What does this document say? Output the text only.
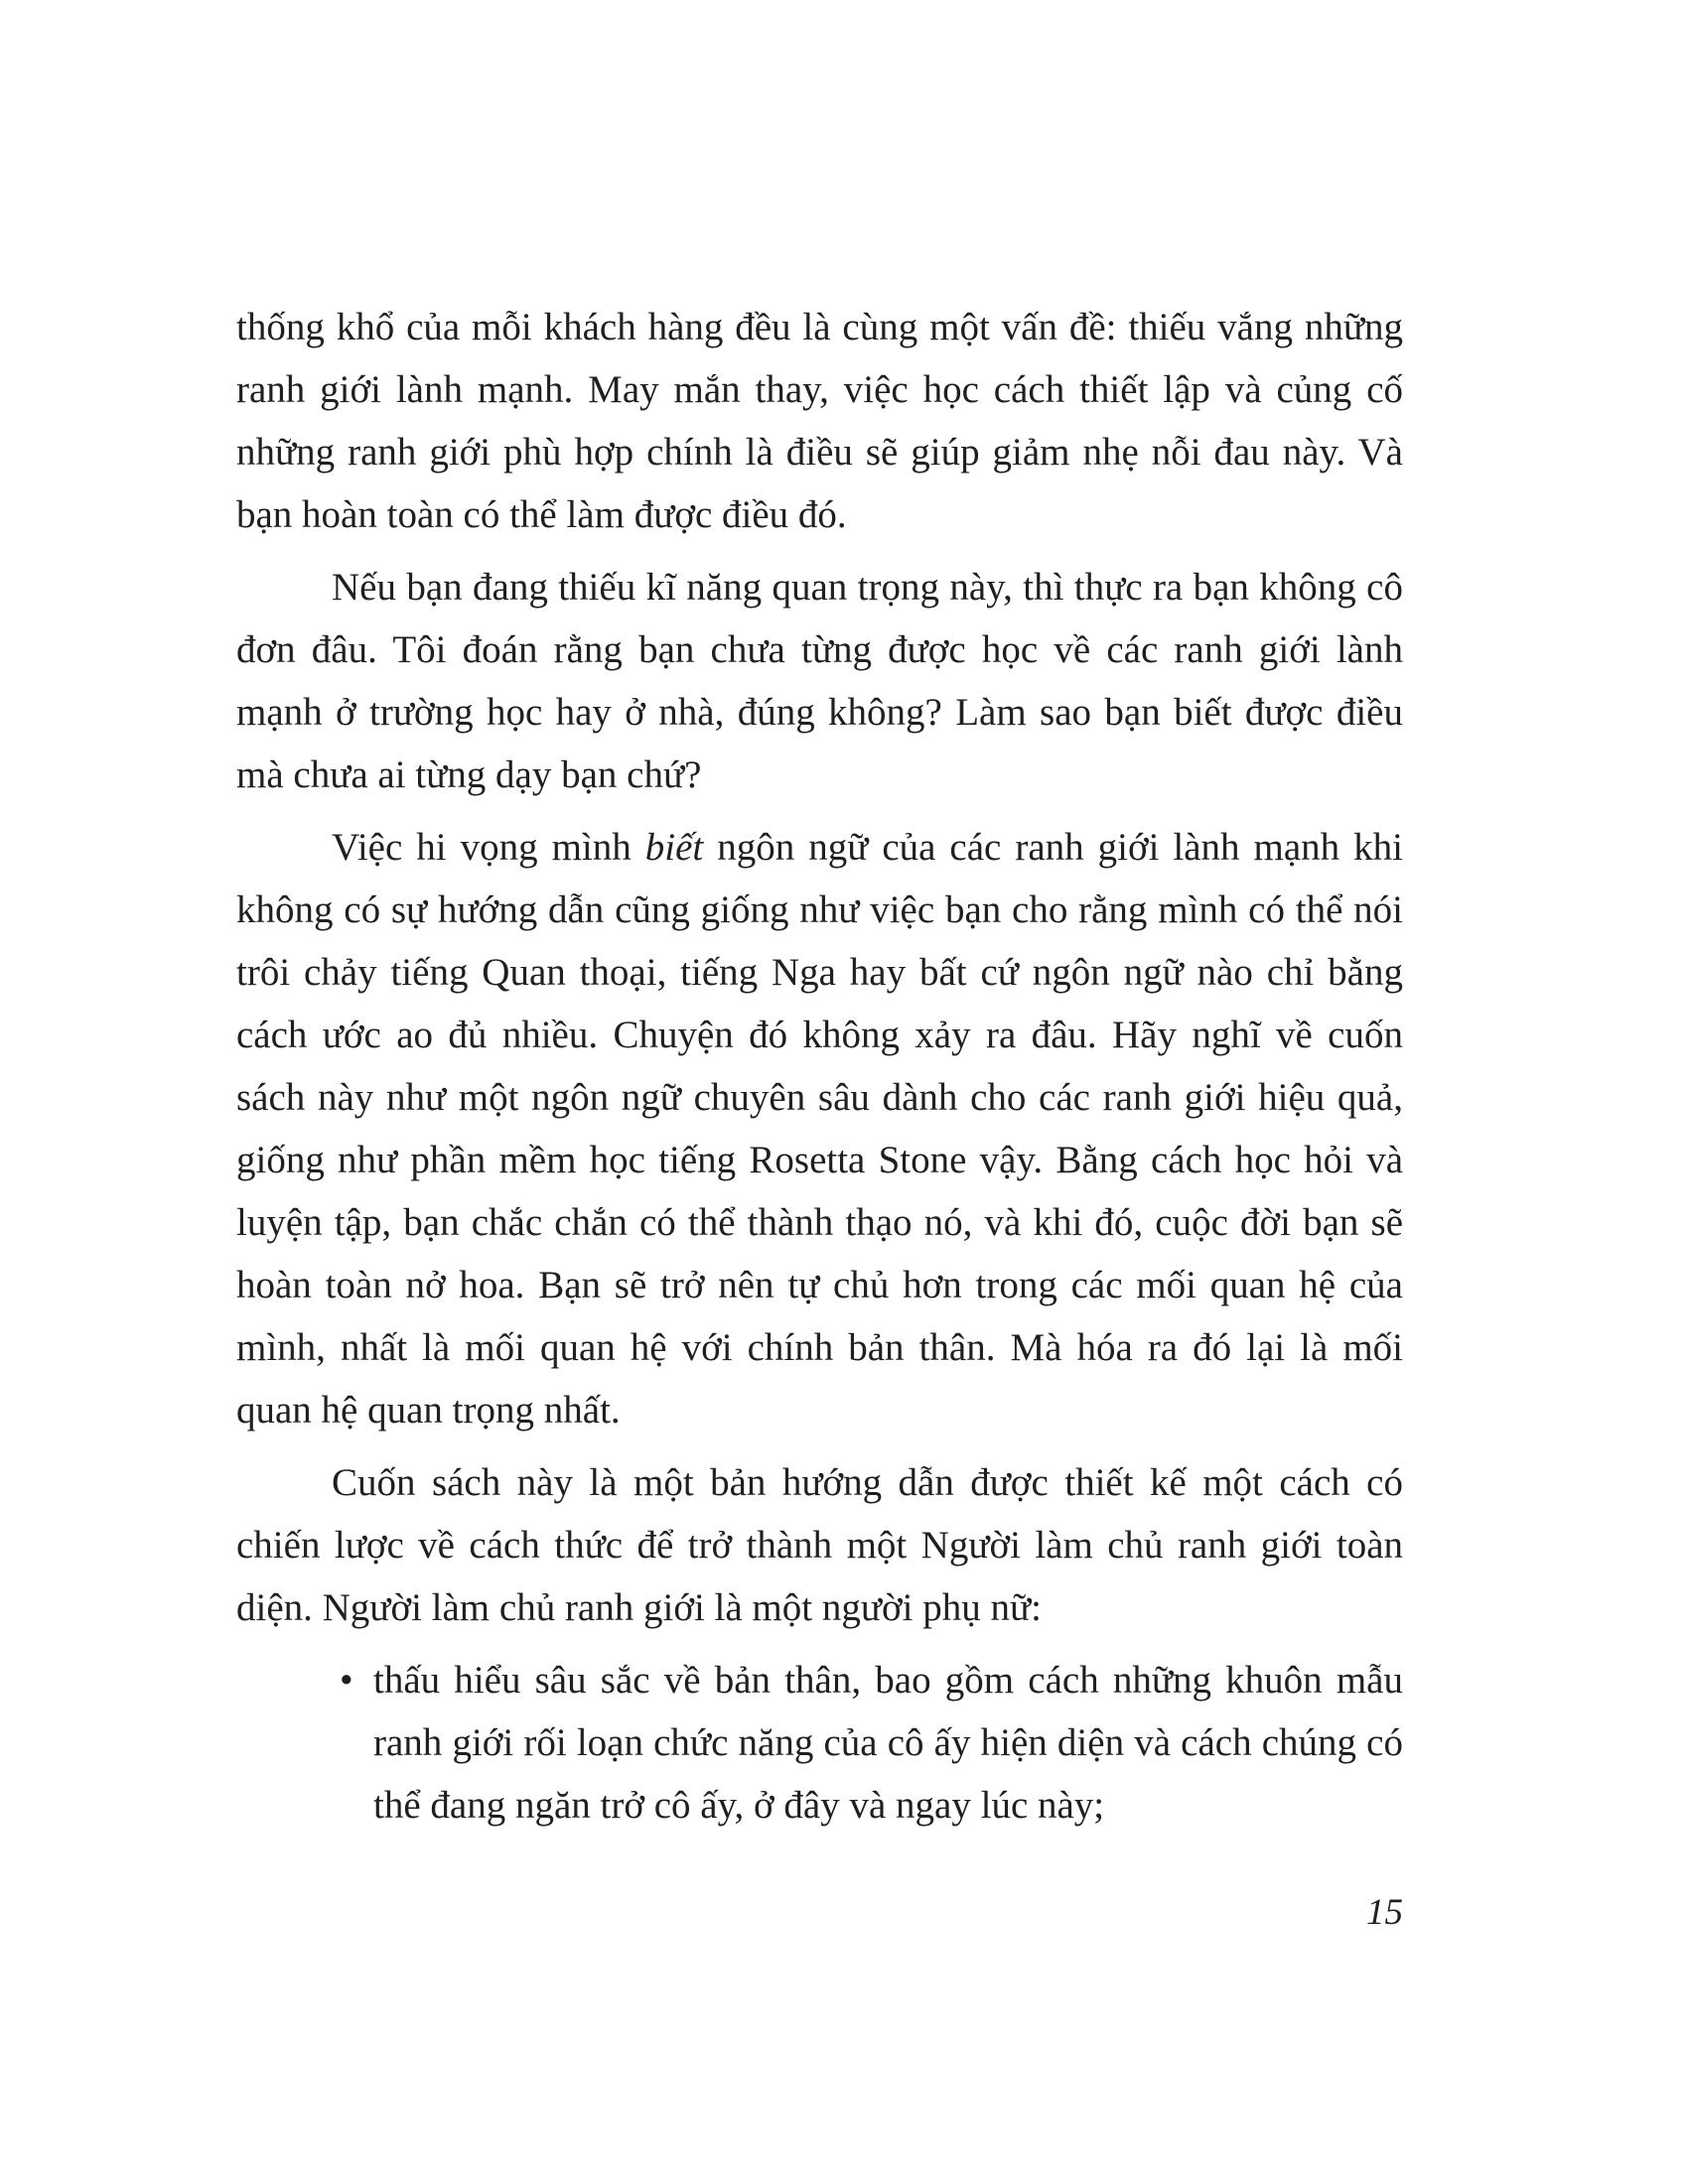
thống khổ của mỗi khách hàng đều là cùng một vấn đề: thiếu vắng những ranh giới lành mạnh. May mắn thay, việc học cách thiết lập và củng cố những ranh giới phù hợp chính là điều sẽ giúp giảm nhẹ nỗi đau này. Và bạn hoàn toàn có thể làm được điều đó.

Nếu bạn đang thiếu kĩ năng quan trọng này, thì thực ra bạn không cô đơn đâu. Tôi đoán rằng bạn chưa từng được học về các ranh giới lành mạnh ở trường học hay ở nhà, đúng không? Làm sao bạn biết được điều mà chưa ai từng dạy bạn chứ?

Việc hi vọng mình biết ngôn ngữ của các ranh giới lành mạnh khi không có sự hướng dẫn cũng giống như việc bạn cho rằng mình có thể nói trôi chảy tiếng Quan thoại, tiếng Nga hay bất cứ ngôn ngữ nào chỉ bằng cách ước ao đủ nhiều. Chuyện đó không xảy ra đâu. Hãy nghĩ về cuốn sách này như một ngôn ngữ chuyên sâu dành cho các ranh giới hiệu quả, giống như phần mềm học tiếng Rosetta Stone vậy. Bằng cách học hỏi và luyện tập, bạn chắc chắn có thể thành thạo nó, và khi đó, cuộc đời bạn sẽ hoàn toàn nở hoa. Bạn sẽ trở nên tự chủ hơn trong các mối quan hệ của mình, nhất là mối quan hệ với chính bản thân. Mà hóa ra đó lại là mối quan hệ quan trọng nhất.

Cuốn sách này là một bản hướng dẫn được thiết kế một cách có chiến lược về cách thức để trở thành một Người làm chủ ranh giới toàn diện. Người làm chủ ranh giới là một người phụ nữ:

• thấu hiểu sâu sắc về bản thân, bao gồm cách những khuôn mẫu ranh giới rối loạn chức năng của cô ấy hiện diện và cách chúng có thể đang ngăn trở cô ấy, ở đây và ngay lúc này;
15
